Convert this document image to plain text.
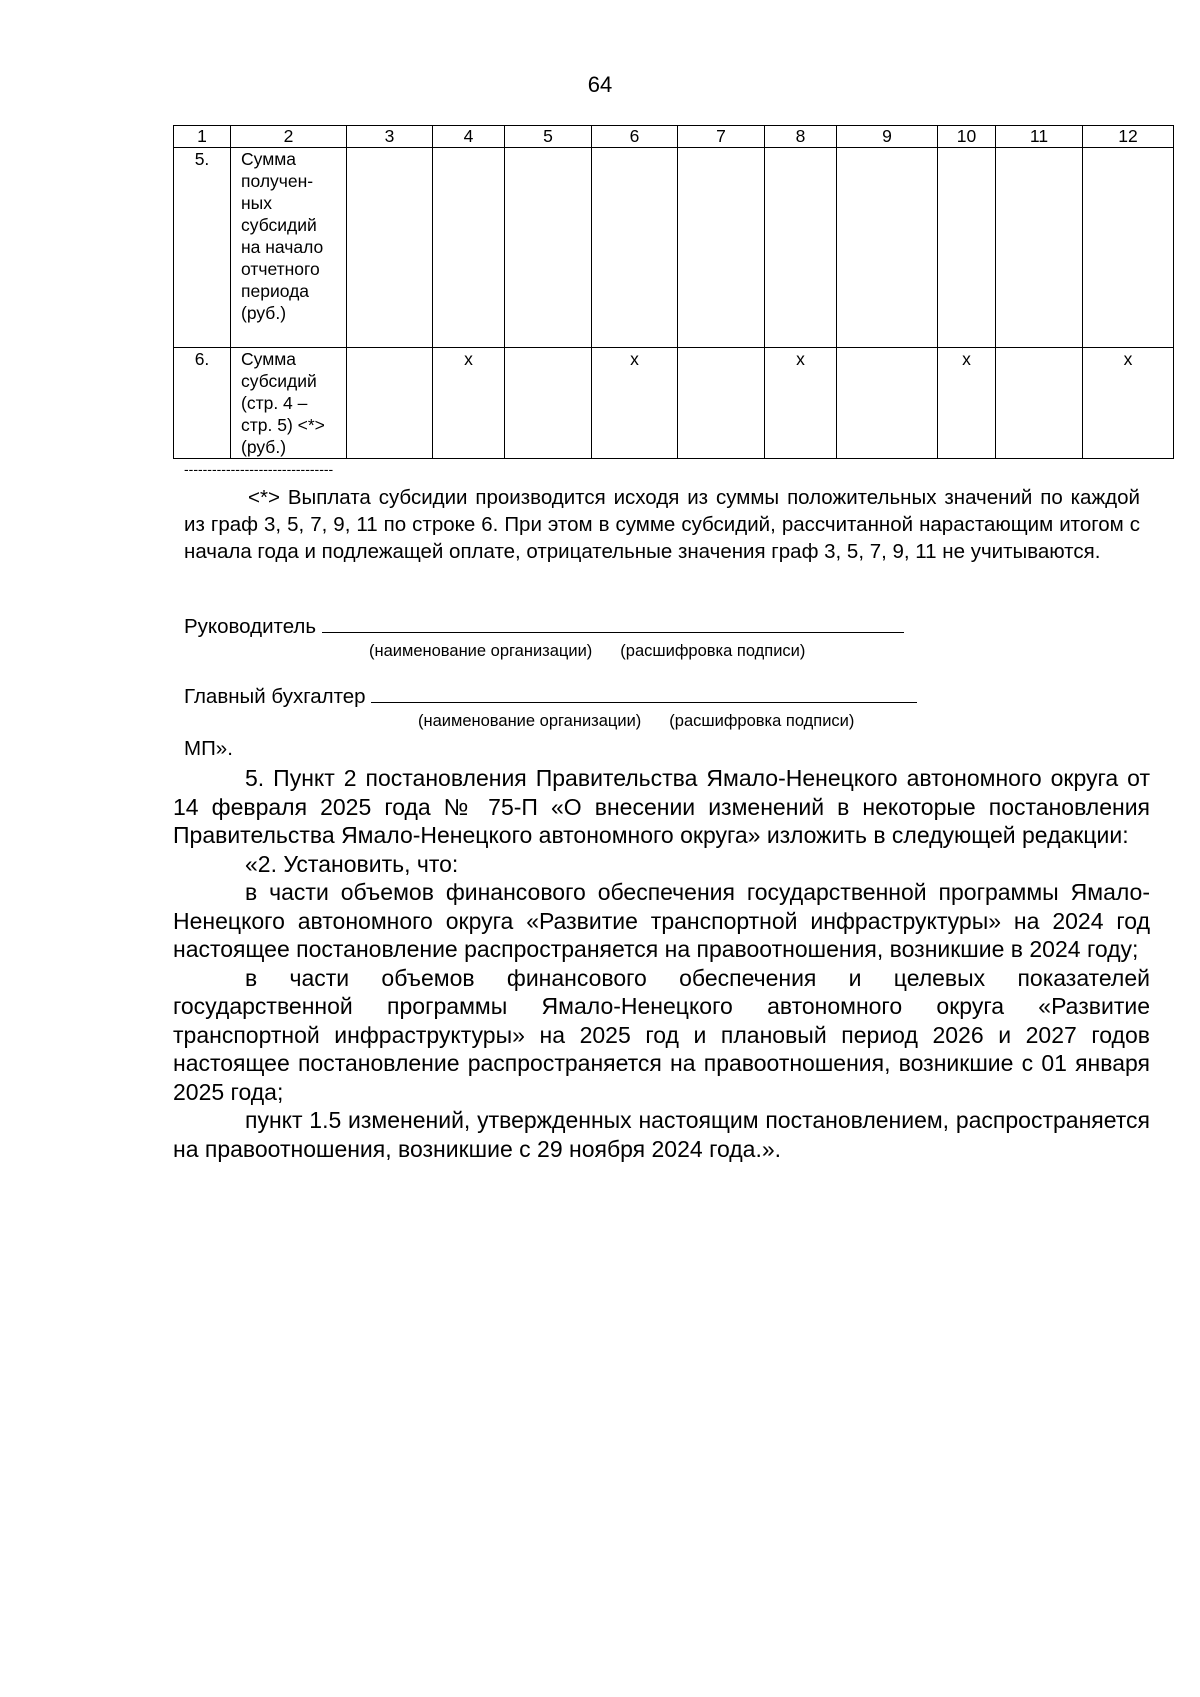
64
1	2	3	4	5	6	7	8	9	10	11	12
5.	Сумма получен-ных субсидий на начало отчетного периода (руб.)										
6.	Сумма субсидий (стр. 4 – стр. 5) <*> (руб.)		x		x		x		x		x
--------------------------------

<*> Выплата субсидии производится исходя из суммы положительных значений по каждой из граф 3, 5, 7, 9, 11 по строке 6. При этом в сумме субсидий, рассчитанной нарастающим итогом с начала года и подлежащей оплате, отрицательные значения граф 3, 5, 7, 9, 11 не учитываются.

Руководитель
(наименование организации) (расшифровка подписи)
Главный бухгалтер
(наименование организации) (расшифровка подписи)
МП».

5. Пункт 2 постановления Правительства Ямало-Ненецкого автономного округа от 14 февраля 2025 года № 75-П «О внесении изменений в некоторые постановления Правительства Ямало-Ненецкого автономного округа» изложить в следующей редакции:

«2. Установить, что:

в части объемов финансового обеспечения государственной программы Ямало-Ненецкого автономного округа «Развитие транспортной инфраструктуры» на 2024 год настоящее постановление распространяется на правоотношения, возникшие в 2024 году;

в части объемов финансового обеспечения и целевых показателей государственной программы Ямало-Ненецкого автономного округа «Развитие транспортной инфраструктуры» на 2025 год и плановый период 2026 и 2027 годов настоящее постановление распространяется на правоотношения, возникшие с 01 января 2025 года;

пункт 1.5 изменений, утвержденных настоящим постановлением, распространяется на правоотношения, возникшие с 29 ноября 2024 года.».
